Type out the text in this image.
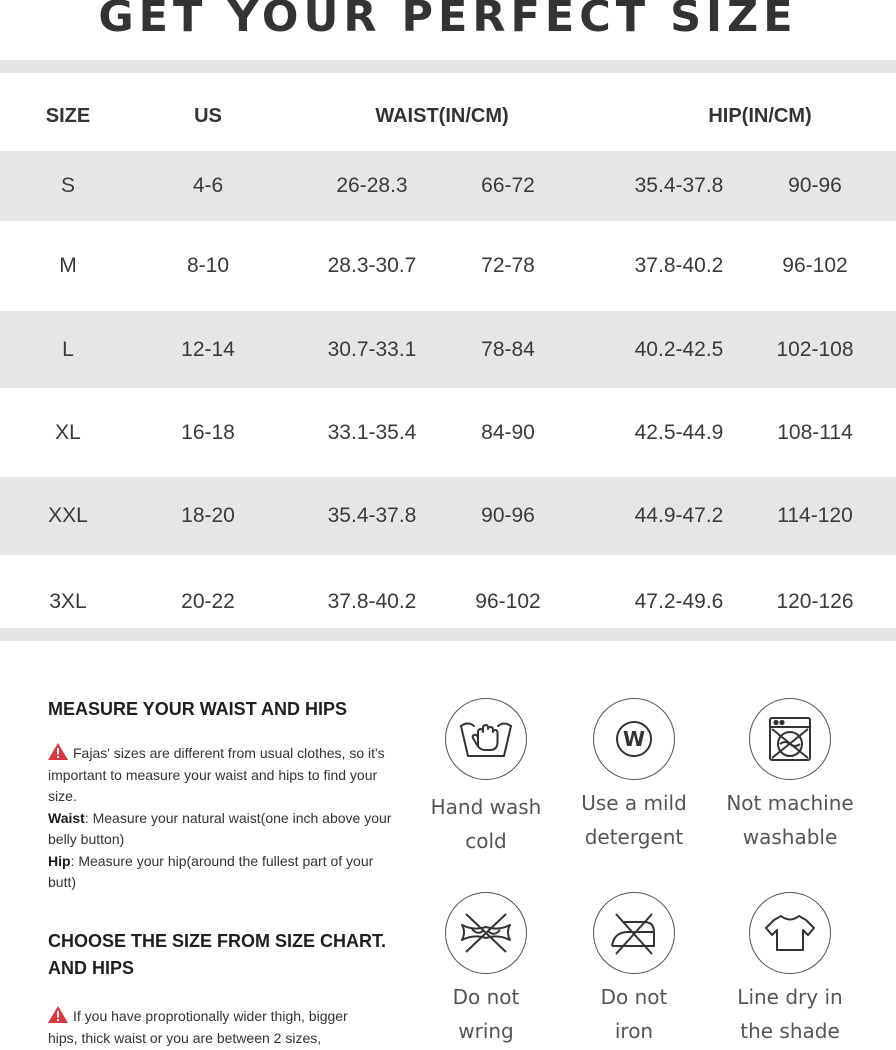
GET YOUR PERFECT SIZE
SIZE	US	WAIST(IN/CM)	HIP(IN/CM)
S	4-6	26-28.3	66-72	35.4-37.8	90-96
M	8-10	28.3-30.7	72-78	37.8-40.2	96-102
L	12-14	30.7-33.1	78-84	40.2-42.5	102-108
XL	16-18	33.1-35.4	84-90	42.5-44.9	108-114
XXL	18-20	35.4-37.8	90-96	44.9-47.2	114-120
3XL	20-22	37.8-40.2	96-102	47.2-49.6	120-126
MEASURE YOUR WAIST AND HIPS
Fajas' sizes are different from usual clothes, so it's important to measure your waist and hips to find your size.
Waist: Measure your natural waist(one inch above your belly button)
Hip: Measure your hip(around the fullest part of your butt)
CHOOSE THE SIZE FROM SIZE CHART.
AND HIPS
If you have proprotionally wider thigh, bigger
hips, thick waist or you are between 2 sizes,
Hand wash
cold
W
Use a mild
detergent
Not machine
washable
Do not
wring
Do not
iron
Line dry in
the shade
